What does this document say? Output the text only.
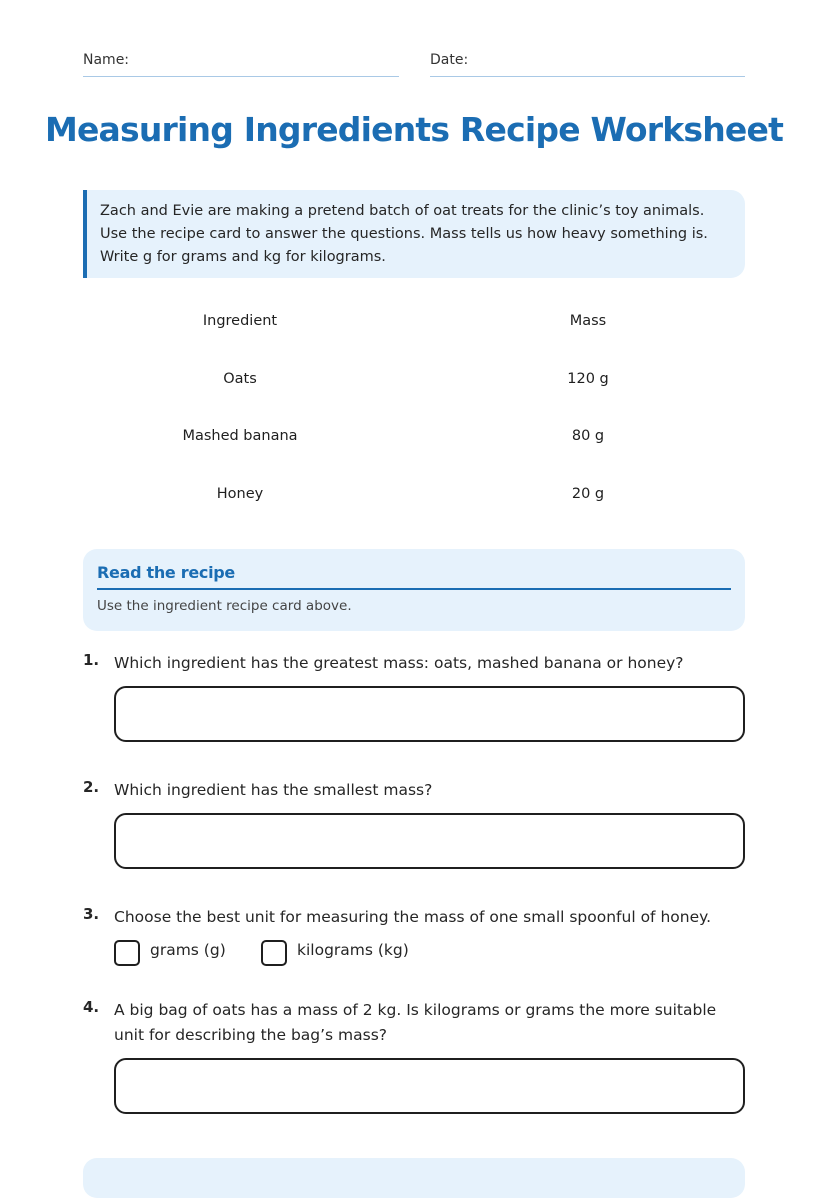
Name:	Date:
Measuring Ingredients Recipe Worksheet
Zach and Evie are making a pretend batch of oat treats for the clinic’s toy animals. Use the recipe card to answer the questions. Mass tells us how heavy something is. Write g for grams and kg for kilograms.
Ingredient	Mass
Oats	120 g
Mashed banana	80 g
Honey	20 g
Read the recipe
Use the ingredient recipe card above.
1. Which ingredient has the greatest mass: oats, mashed banana or honey?
2. Which ingredient has the smallest mass?
3. Choose the best unit for measuring the mass of one small spoonful of honey.
grams (g)	kilograms (kg)
4. A big bag of oats has a mass of 2 kg. Is kilograms or grams the more suitable unit for describing the bag’s mass?
